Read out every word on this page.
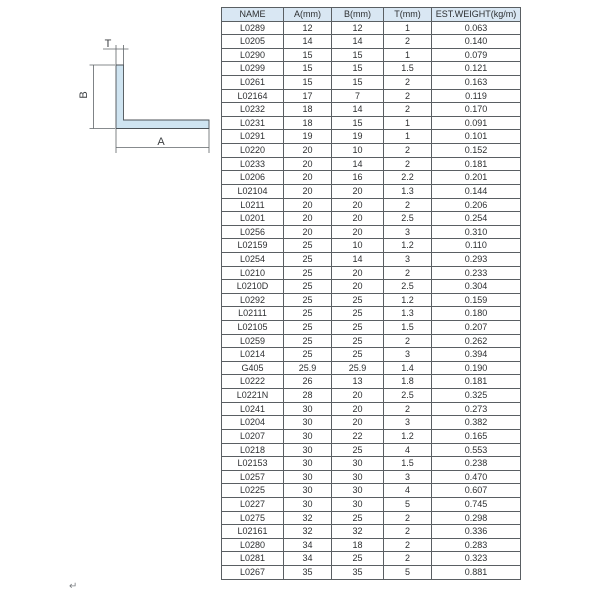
T
B
A
NAME	A(mm)	B(mm)	T(mm)	EST.WEIGHT(kg/m)
L0289	12	12	1	0.063
L0205	14	14	2	0.140
L0290	15	15	1	0.079
L0299	15	15	1.5	0.121
L0261	15	15	2	0.163
L02164	17	7	2	0.119
L0232	18	14	2	0.170
L0231	18	15	1	0.091
L0291	19	19	1	0.101
L0220	20	10	2	0.152
L0233	20	14	2	0.181
L0206	20	16	2.2	0.201
L02104	20	20	1.3	0.144
L0211	20	20	2	0.206
L0201	20	20	2.5	0.254
L0256	20	20	3	0.310
L02159	25	10	1.2	0.110
L0254	25	14	3	0.293
L0210	25	20	2	0.233
L0210D	25	20	2.5	0.304
L0292	25	25	1.2	0.159
L02111	25	25	1.3	0.180
L02105	25	25	1.5	0.207
L0259	25	25	2	0.262
L0214	25	25	3	0.394
G405	25.9	25.9	1.4	0.190
L0222	26	13	1.8	0.181
L0221N	28	20	2.5	0.325
L0241	30	20	2	0.273
L0204	30	20	3	0.382
L0207	30	22	1.2	0.165
L0218	30	25	4	0.553
L02153	30	30	1.5	0.238
L0257	30	30	3	0.470
L0225	30	30	4	0.607
L0227	30	30	5	0.745
L0275	32	25	2	0.298
L02161	32	32	2	0.336
L0280	34	18	2	0.283
L0281	34	25	2	0.323
L0267	35	35	5	0.881
↵
